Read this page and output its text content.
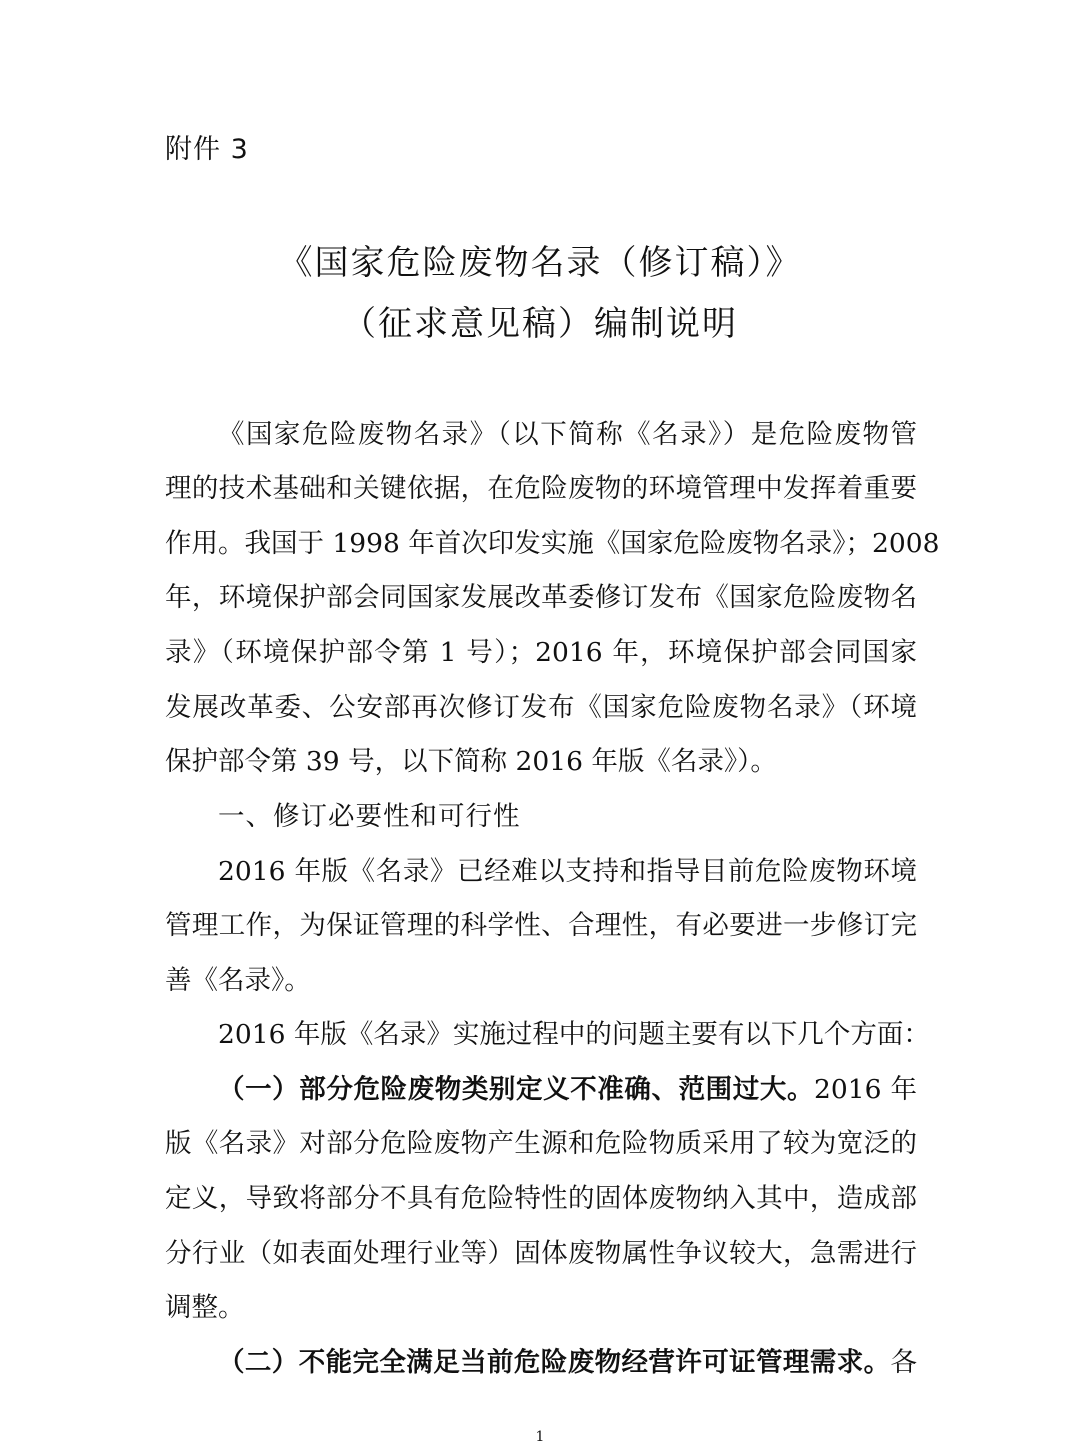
附件 3
《国家危险废物名录（修订稿）》
（征求意见稿）编制说明
《国家危险废物名录》（以下简称《名录》）是危险废物管
理的技术基础和关键依据，在危险废物的环境管理中发挥着重要
作用。我国于 1998 年首次印发实施《国家危险废物名录》；2008
年，环境保护部会同国家发展改革委修订发布《国家危险废物名
录》（环境保护部令第 1 号）；2016 年，环境保护部会同国家
发展改革委、公安部再次修订发布《国家危险废物名录》（环境
保护部令第 39 号，以下简称 2016 年版《名录》）。
一、修订必要性和可行性
2016 年版《名录》已经难以支持和指导目前危险废物环境
管理工作，为保证管理的科学性、合理性，有必要进一步修订完
善《名录》。
2016 年版《名录》实施过程中的问题主要有以下几个方面：
（一）部分危险废物类别定义不准确、范围过大。2016 年
版《名录》对部分危险废物产生源和危险物质采用了较为宽泛的
定义，导致将部分不具有危险特性的固体废物纳入其中，造成部
分行业（如表面处理行业等）固体废物属性争议较大，急需进行
调整。
（二）不能完全满足当前危险废物经营许可证管理需求。各
1
